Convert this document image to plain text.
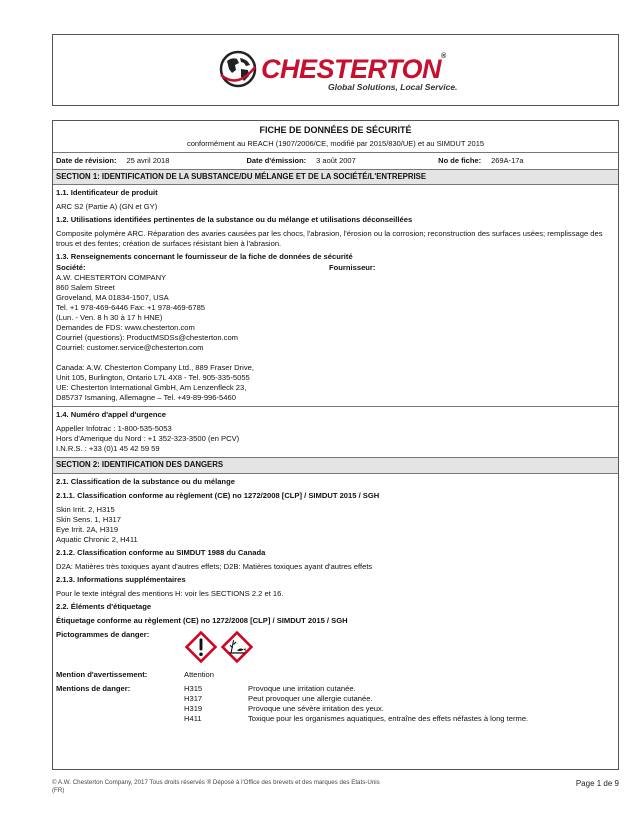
CHESTERTON®
Global Solutions, Local Service.
FICHE DE DONNÉES DE SÉCURITÉ
conformément au REACH (1907/2006/CE, modifié par 2015/830/UE) et au SIMDUT 2015
Date de révision: 25 avril 2018	Date d'émission: 3 août 2007	No de fiche: 269A-17a
SECTION 1: IDENTIFICATION DE LA SUBSTANCE/DU MÉLANGE ET DE LA SOCIÉTÉ/L'ENTREPRISE
1.1. Identificateur de produit
ARC S2 (Partie A) (GN et GY)
1.2. Utilisations identifiées pertinentes de la substance ou du mélange et utilisations déconseillées
Composite polymère ARC. Réparation des avaries causées par les chocs, l'abrasion, l'érosion ou la corrosion; reconstruction des surfaces usées; remplissage des trous et des fentes; création de surfaces résistant bien à l'abrasion.
1.3. Renseignements concernant le fournisseur de la fiche de données de sécurité
Société:
A.W. CHESTERTON COMPANY
860 Salem Street
Groveland, MA 01834-1507, USA
Tel. +1 978-469-6446 Fax: +1 978-469-6785
(Lun. - Ven. 8 h 30 à 17 h HNE)
Demandes de FDS: www.chesterton.com
Courriel (questions): ProductMSDSs@chesterton.com
Courriel: customer.service@chesterton.com
Canada: A.W. Chesterton Company Ltd., 889 Fraser Drive,
Unit 105, Burlington, Ontario L7L 4X8 - Tel. 905-335-5055
UE: Chesterton International GmbH, Am Lenzenfleck 23,
D85737 Ismaning, Allemagne – Tel. +49-89-996-5460
Fournisseur:
1.4. Numéro d'appel d'urgence
Appeller Infotrac : 1-800-535-5053
Hors d'Amerique du Nord : +1 352-323-3500 (en PCV)
I.N.R.S. : +33 (0)1 45 42 59 59
SECTION 2: IDENTIFICATION DES DANGERS
2.1. Classification de la substance ou du mélange
2.1.1. Classification conforme au règlement (CE) no 1272/2008 [CLP] / SIMDUT 2015 / SGH
Skin Irrit. 2, H315
Skin Sens. 1, H317
Eye Irrit. 2A, H319
Aquatic Chronic 2, H411
2.1.2. Classification conforme au SIMDUT 1988 du Canada
D2A: Matières très toxiques ayant d'autres effets; D2B: Matières toxiques ayant d'autres effets
2.1.3. Informations supplémentaires
Pour le texte intégral des mentions H: voir les SECTIONS 2.2 et 16.
2.2. Éléments d'étiquetage
Étiquetage conforme au règlement (CE) no 1272/2008 [CLP] / SIMDUT 2015 / SGH
Pictogrammes de danger:
Mention d'avertissement:	Attention
Mentions de danger:	H315	Provoque une irritation cutanée.
H317	Peut provoquer une allergie cutanée.
H319	Provoque une sévère irritation des yeux.
H411	Toxique pour les organismes aquatiques, entraîne des effets néfastes à long terme.
© A.W. Chesterton Company, 2017 Tous droits réservés ® Déposé à l'Office des brevets et des marques des Etats-Unis
(FR)
Page 1 de 9
